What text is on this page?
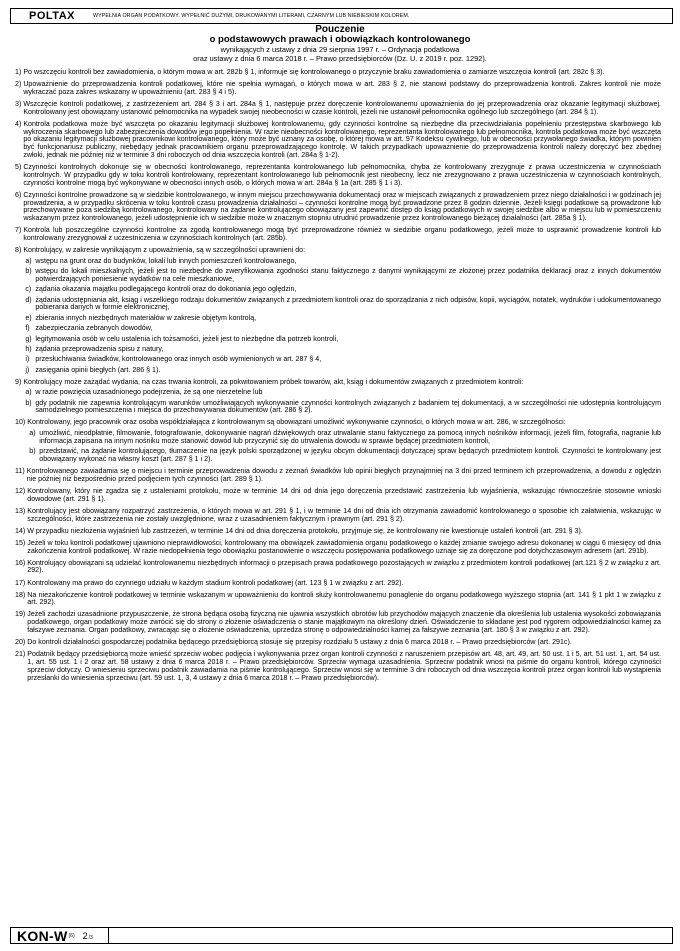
POLTAX	WYPEŁNIA ORGAN PODATKOWY. WYPEŁNIĆ DUŻYMI, DRUKOWANYMI LITERAMI, CZARNYM LUB NIEBIESKIM KOLOREM.
Pouczenie
o podstawowych prawach i obowiązkach kontrolowanego
wynikających z ustawy z dnia 29 sierpnia 1997 r. – Ordynacja podatkowa
oraz ustawy z dnia 6 marca 2018 r. – Prawo przedsiębiorców (Dz. U. z 2019 r. poz. 1292).
1) Po wszczęciu kontroli bez zawiadomienia, o którym mowa w art. 282b § 1, informuje się kontrolowanego o przyczynie braku zawiadomienia o zamiarze wszczęcia kontroli (art. 282c § 3).
2) Upoważnienie do przeprowadzenia kontroli podatkowej, które nie spełnia wymagań, o których mowa w art. 283 § 2, nie stanowi podstawy do przeprowadzenia kontroli. Zakres kontroli nie może wykraczać poza zakres wskazany w upoważnieniu (art. 283 § 4 i 5).
3) Wszczęcie kontroli podatkowej, z zastrzeżeniem art. 284 § 3 i art. 284a § 1, następuje przez doręczenie kontrolowanemu upoważnienia do jej przeprowadzenia oraz okazanie legitymacji służbowej. Kontrolowany jest obowiązany ustanowić pełnomocnika na wypadek swojej nieobecności w czasie kontroli, jeżeli nie ustanowił pełnomocnika ogólnego lub szczególnego (art. 284 § 1).
4) Kontrola podatkowa może być wszczęta po okazaniu legitymacji służbowej kontrolowanemu, gdy czynności kontrolne są niezbędne dla przeciwdziałania popełnieniu przestępstwa skarbowego lub wykroczenia skarbowego lub zabezpieczenia dowodów jego popełnienia. W razie nieobecności kontrolowanego, reprezentanta kontrolowanego lub pełnomocnika, kontrola podatkowa może być wszczęta po okazaniu legitymacji służbowej pracownikowi kontrolowanego, który może być uznany za osobę, o której mowa w art. 97 Kodeksu cywilnego, lub w obecności przywołanego świadka, którym powinien być funkcjonariusz publiczny, niebędący jednak pracownikiem organu przeprowadzającego kontrolę. W takich przypadkach upoważnienie do przeprowadzenia kontroli należy doręczyć bez zbędnej zwłoki, jednak nie później niż w terminie 3 dni roboczych od dnia wszczęcia kontroli (art. 284a § 1-2).
5) Czynności kontrolnych dokonuje się w obecności kontrolowanego, reprezentanta kontrolowanego lub pełnomocnika, chyba że kontrolowany zrezygnuje z prawa uczestniczenia w czynnościach kontrolnych. W przypadku gdy w toku kontroli kontrolowany, reprezentant kontrolowanego lub pełnomocnik jest nieobecny, lecz nie zrezygnowano z prawa uczestniczenia w czynnościach kontrolnych, czynności kontrolne mogą być wykonywane w obecności innych osób, o których mowa w art. 284a § 1a (art. 285 § 1 i 3).
6) Czynności kontrolne prowadzone są w siedzibie kontrolowanego, w innym miejscu przechowywania dokumentacji oraz w miejscach związanych z prowadzeniem przez niego działalności i w godzinach jej prowadzenia, a w przypadku skrócenia w toku kontroli czasu prowadzenia działalności – czynności kontrolne mogą być prowadzone przez 8 godzin dziennie. Jeżeli księgi podatkowe są prowadzone lub przechowywane poza siedzibą kontrolowanego, kontrolowany na żądanie kontrolującego obowiązany jest zapewnić dostęp do ksiąg podatkowych w swojej siedzibie albo w miejscu lub w pomieszczeniu wskazanym przez kontrolowanego, jeżeli udostępnienie ich w siedzibie może w znacznym stopniu utrudnić prowadzenie przez kontrolowanego bieżącej działalności (art. 285a § 1).
7) Kontrola lub poszczególne czynności kontrolne za zgodą kontrolowanego mogą być przeprowadzone również w siedzibie organu podatkowego, jeżeli może to usprawnić prowadzenie kontroli lub kontrolowany zrezygnował z uczestniczenia w czynnościach kontrolnych (art. 285b).
8) Kontrolujący, w zakresie wynikającym z upoważnienia, są w szczególności uprawnieni do:
a) wstępu na grunt oraz do budynków, lokali lub innych pomieszczeń kontrolowanego,
b) wstępu do lokali mieszkalnych, jeżeli jest to niezbędne do zweryfikowania zgodności stanu faktycznego z danymi wynikającymi ze złożonej przez podatnika deklaracji oraz z innych dokumentów potwierdzających poniesienie wydatków na cele mieszkaniowe,
c) żądania okazania majątku podlegającego kontroli oraz do dokonania jego oględzin,
d) żądania udostępniania akt, ksiąg i wszelkiego rodzaju dokumentów związanych z przedmiotem kontroli oraz do sporządzania z nich odpisów, kopii, wyciągów, notatek, wydruków i udokumentowanego pobierania danych w formie elektronicznej,
e) zbierania innych niezbędnych materiałów w zakresie objętym kontrolą,
f) zabezpieczania zebranych dowodów,
g) legitymowania osób w celu ustalenia ich tożsamości, jeżeli jest to niezbędne dla potrzeb kontroli,
h) żądania przeprowadzenia spisu z natury,
i) przesłuchiwania świadków, kontrolowanego oraz innych osób wymienionych w art. 287 § 4,
j) zasięgania opinii biegłych (art. 286 § 1).
9) Kontrolujący może zażądać wydania, na czas trwania kontroli, za pokwitowaniem próbek towarów, akt, ksiąg i dokumentów związanych z przedmiotem kontroli:
a) w razie powzięcia uzasadnionego podejrzenia, że są one nierzetelne lub
b) gdy podatnik nie zapewnia kontrolującym warunków umożliwiających wykonywanie czynności kontrolnych związanych z badaniem tej dokumentacji, a w szczególności nie udostępnia kontrolującym samodzielnego pomieszczenia i miejsca do przechowywania dokumentów (art. 286 § 2).
10) Kontrolowany, jego pracownik oraz osoba współdziałająca z kontrolowanym są obowiązani umożliwić wykonywanie czynności, o których mowa w art. 286, w szczególności:
a) umożliwić, nieodpłatnie, filmowanie, fotografowanie, dokonywanie nagrań dźwiękowych oraz utrwalanie stanu faktycznego za pomocą innych nośników informacji, jeżeli film, fotografia, nagranie lub informacja zapisana na innym nośniku może stanowić dowód lub przyczynić się do utrwalenia dowodu w sprawie będącej przedmiotem kontroli,
b) przedstawić, na żądanie kontrolującego, tłumaczenie na język polski sporządzonej w języku obcym dokumentacji dotyczącej spraw będących przedmiotem kontroli. Czynności te kontrolowany jest obowiązany wykonać na własny koszt (art. 287 § 1 i 2).
11) Kontrolowanego zawiadamia się o miejscu i terminie przeprowadzenia dowodu z zeznań świadków lub opinii biegłych przynajmniej na 3 dni przed terminem ich przeprowadzenia, a dowodu z oględzin nie później niż bezpośrednio przed podjęciem tych czynności (art. 289 § 1).
12) Kontrolowany, który nie zgadza się z ustaleniami protokołu, może w terminie 14 dni od dnia jego doręczenia przedstawić zastrzeżenia lub wyjaśnienia, wskazując równocześnie stosowne wnioski dowodowe (art. 291 § 1).
13) Kontrolujący jest obowiązany rozpatrzyć zastrzeżenia, o których mowa w art. 291 § 1, i w terminie 14 dni od dnia ich otrzymania zawiadomić kontrolowanego o sposobie ich załatwienia, wskazując w szczególności, które zastrzeżenia nie zostały uwzględnione, wraz z uzasadnieniem faktycznym i prawnym (art. 291 § 2).
14) W przypadku niezłożenia wyjaśnień lub zastrzeżeń, w terminie 14 dni od dnia doręczenia protokołu, przyjmuje się, że kontrolowany nie kwestionuje ustaleń kontroli (art. 291 § 3).
15) Jeżeli w toku kontroli podatkowej ujawniono nieprawidłowości, kontrolowany ma obowiązek zawiadomienia organu podatkowego o każdej zmianie swojego adresu dokonanej w ciągu 6 miesięcy od dnia zakończenia kontroli podatkowej. W razie niedopełnienia tego obowiązku postanowienie o wszczęciu postępowania podatkowego uznaje się za doręczone pod dotychczasowym adresem (art. 291b).
16) Kontrolujący obowiązani są udzielać kontrolowanemu niezbędnych informacji o przepisach prawa podatkowego pozostających w związku z przedmiotem kontroli podatkowej (art.121 § 2 w związku z art. 292).
17) Kontrolowany ma prawo do czynnego udziału w każdym stadium kontroli podatkowej (art. 123 § 1 w związku z art. 292).
18) Na niezakończenie kontroli podatkowej w terminie wskazanym w upoważnieniu do kontroli służy kontrolowanemu ponaglenie do organu podatkowego wyższego stopnia (art. 141 § 1 pkt 1 w związku z art. 292).
19) Jeżeli zachodzi uzasadnione przypuszczenie, że strona będąca osobą fizyczną nie ujawnia wszystkich obrotów lub przychodów mających znaczenie dla określenia lub ustalenia wysokości zobowiązania podatkowego, organ podatkowy może zwrócić się do strony o złożenie oświadczenia o stanie majątkowym na określony dzień. Oświadczenie to składane jest pod rygorem odpowiedzialności karnej za fałszywe zeznania. Organ podatkowy, zwracając się o złożenie oświadczenia, uprzedza stronę o odpowiedzialności karnej za fałszywe zeznania (art. 180 § 3 w związku z art. 292).
20) Do kontroli działalności gospodarczej podatnika będącego przedsiębiorcą stosuje się przepisy rozdziału 5 ustawy z dnia 6 marca 2018 r. – Prawo przedsiębiorców (art. 291c).
21) Podatnik będący przedsiębiorcą może wnieść sprzeciw wobec podjęcia i wykonywania przez organ kontroli czynności z naruszeniem przepisów art. 48, art. 49, art. 50 ust. 1 i 5, art. 51 ust. 1, art. 54 ust. 1, art. 55 ust. 1 i 2 oraz art. 58 ustawy z dnia 6 marca 2018 r. – Prawo przedsiębiorców. Sprzeciw wymaga uzasadnienia. Sprzeciw podatnik wnosi na piśmie do organu kontroli, którego czynności sprzeciw dotyczy. O wniesieniu sprzeciwu podatnik zawiadamia na piśmie kontrolującego. Sprzeciw wnosi się w terminie 3 dni roboczych od dnia wszczęcia kontroli przez organ kontroli lub wystąpienia przesłanki do wniesienia sprzeciwu (art. 59 ust. 1, 3, 4 ustawy z dnia 6 marca 2018 r. – Prawo przedsiębiorców).
KON-W (6) 2/3
